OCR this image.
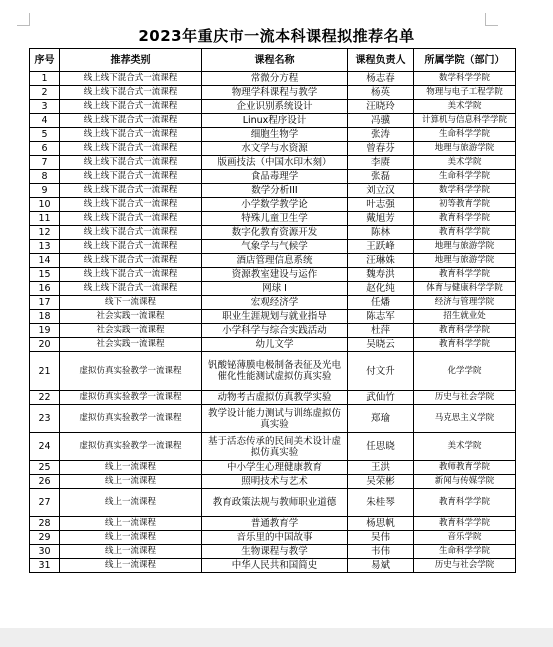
2023年重庆市一流本科课程拟推荐名单
序号	推荐类别	课程名称	课程负责人	所属学院（部门）
1	线上线下混合式一流课程	常微分方程	杨志春	数学科学学院
2	线上线下混合式一流课程	物理学科课程与教学	杨英	物理与电子工程学院
3	线上线下混合式一流课程	企业识别系统设计	汪晓玲	美术学院
4	线上线下混合式一流课程	Linux程序设计	冯骥	计算机与信息科学学院
5	线上线下混合式一流课程	细胞生物学	张涛	生命科学学院
6	线上线下混合式一流课程	水文学与水资源	曾春芬	地理与旅游学院
7	线上线下混合式一流课程	版画技法（中国水印木刻）	李赓	美术学院
8	线上线下混合式一流课程	食品毒理学	张磊	生命科学学院
9	线上线下混合式一流课程	数学分析III	刘立汉	数学科学学院
10	线上线下混合式一流课程	小学数学教学论	叶志强	初等教育学院
11	线上线下混合式一流课程	特殊儿童卫生学	戴旭芳	教育科学学院
12	线上线下混合式一流课程	数字化教育资源开发	陈林	教育科学学院
13	线上线下混合式一流课程	气象学与气候学	王跃峰	地理与旅游学院
14	线上线下混合式一流课程	酒店管理信息系统	汪琳姝	地理与旅游学院
15	线上线下混合式一流课程	资源教室建设与运作	魏寿洪	教育科学学院
16	线上线下混合式一流课程	网球 I	赵化纯	体育与健康科学学院
17	线下一流课程	宏观经济学	任燔	经济与管理学院
18	社会实践一流课程	职业生涯规划与就业指导	陈志军	招生就业处
19	社会实践一流课程	小学科学与综合实践活动	杜萍	教育科学学院
20	社会实践一流课程	幼儿文学	吴晓云	教育科学学院
21	虚拟仿真实验教学一流课程	钒酸铋薄膜电极制备表征及光电催化性能测试虚拟仿真实验	付文升	化学学院
22	虚拟仿真实验教学一流课程	动物考古虚拟仿真教学实验	武仙竹	历史与社会学院
23	虚拟仿真实验教学一流课程	教学设计能力测试与训练虚拟仿真实验	郑瑜	马克思主义学院
24	虚拟仿真实验教学一流课程	基于活态传承的民间美术设计虚拟仿真实验	任思晓	美术学院
25	线上一流课程	中小学生心理健康教育	王洪	教师教育学院
26	线上一流课程	照明技术与艺术	吴荣彬	新闻与传媒学院
27	线上一流课程	教育政策法规与教师职业道德	朱桂琴	教育科学学院
28	线上一流课程	普通教育学	杨思帆	教育科学学院
29	线上一流课程	音乐里的中国故事	吴伟	音乐学院
30	线上一流课程	生物课程与教学	韦伟	生命科学学院
31	线上一流课程	中华人民共和国简史	易斌	历史与社会学院
